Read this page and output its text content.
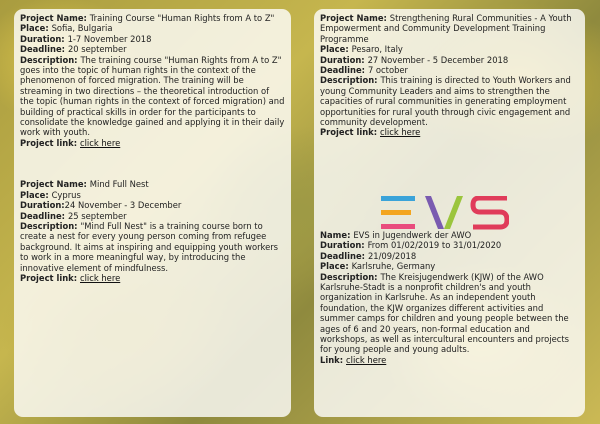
Project Name: Training Course "Human Rights from A to Z"

Place: Sofia, Bulgaria

Duration: 1-7 November 2018

Deadline: 20 september

Description: The training course "Human Rights from A to Z" goes into the topic of human rights in the context of the phenomenon of forced migration. The training will be streaming in two directions – the theoretical introduction of the topic (human rights in the context of forced migration) and building of practical skills in order for the participants to consolidate the knowledge gained and applying it in their daily work with youth.

Project link: click here

Project Name: Mind Full Nest

Place: Cyprus

Duration:24 November - 3 December

Deadline: 25 september

Description: "Mind Full Nest" is a training course born to create a nest for every young person coming from refugee background. It aims at inspiring and equipping youth workers to work in a more meaningful way, by introducing the innovative element of mindfulness.

Project link: click here

Project Name: Strengthening Rural Communities - A Youth Empowerment and Community Development Training Programme

Place: Pesaro, Italy

Duration: 27 November - 5 December 2018

Deadline: 7 october

Description: This training is directed to Youth Workers and young Community Leaders and aims to strengthen the capacities of rural communities in generating employment opportunities for rural youth through civic engagement and community development.

Project link: click here

Name: EVS in Jugendwerk der AWO

Duration: From 01/02/2019 to 31/01/2020

Deadline: 21/09/2018

Place: Karlsruhe, Germany

Description: The Kreisjugendwerk (KJW) of the AWO Karlsruhe-Stadt is a nonprofit children's and youth organization in Karlsruhe. As an independent youth foundation, the KJW organizes different activities and summer camps for children and young people between the ages of 6 and 20 years, non-formal education and workshops, as well as intercultural encounters and projects for young people and young adults.

Link: click here
